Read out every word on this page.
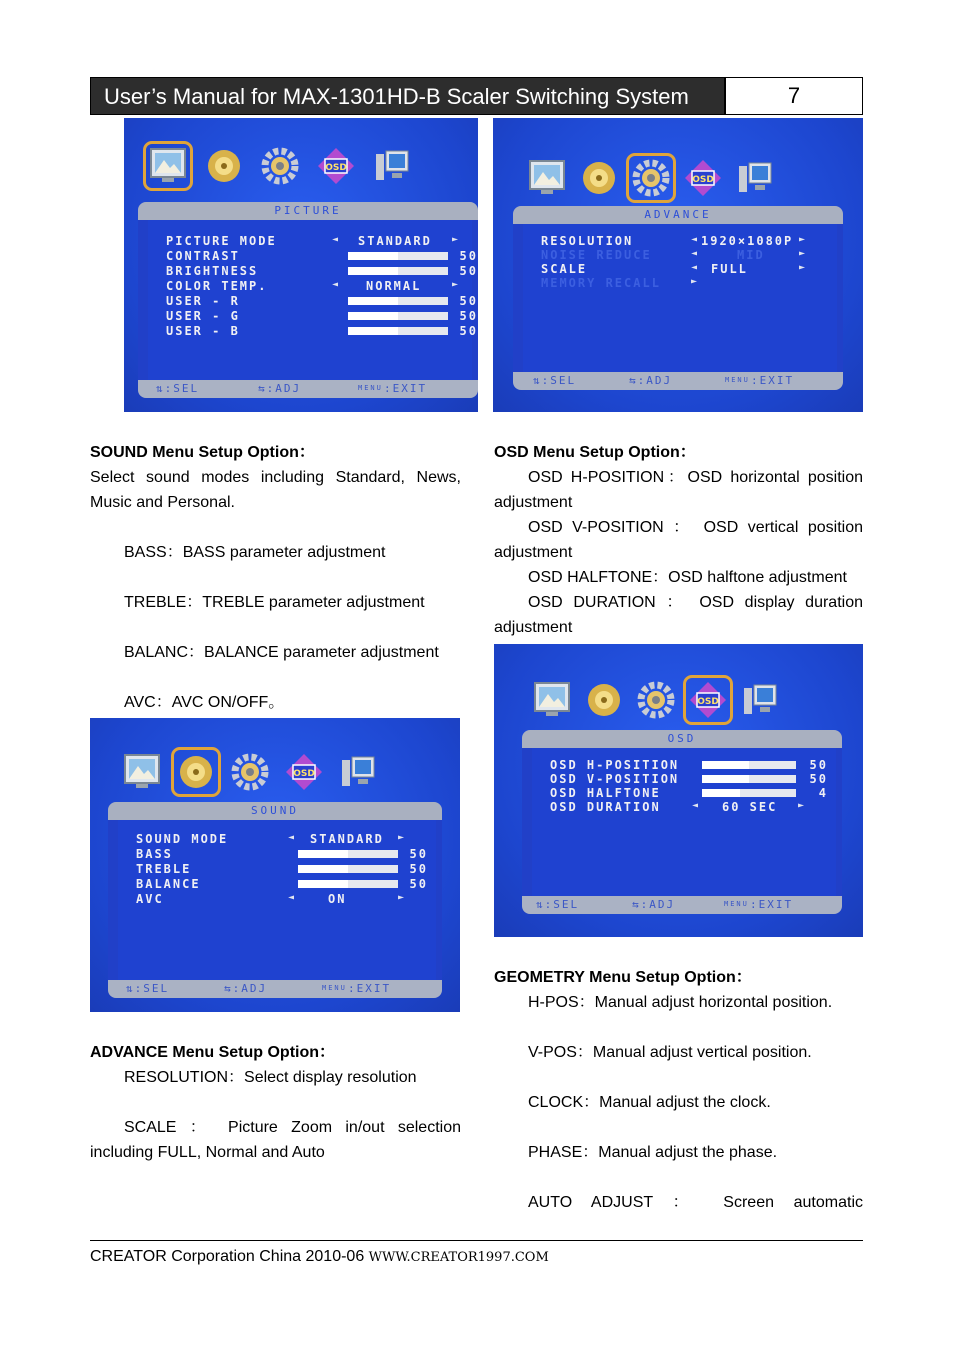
User’s Manual for MAX-1301HD-B Scaler Switching System	7
OSD
PICTURE
PICTURE MODE	◄ STANDARD ►
CONTRAST	50
BRIGHTNESS	50
COLOR TEMP.	◄ NORMAL	►
USER - R	50
USER - G	50
USER - B	50
⇅:SEL	⇆:ADJ	MENU :EXIT
OSD
ADVANCE
RESOLUTION	◄ 1920×1080P ►
NOISE REDUCE	◄	MID	►
SCALE	◄ FULL	►
MEMORY RECALL	►
⇅:SEL	⇆:ADJ	MENU :EXIT
SOUND Menu Setup Option：
Select sound modes including Standard, News, Music and Personal.
BASS：BASS parameter adjustment
TREBLE：TREBLE parameter adjustment
BALANC：BALANCE parameter adjustment
AVC：AVC ON/OFF。
OSD
SOUND
SOUND MODE	◄ STANDARD ►
BASS	50
TREBLE	50
BALANCE	50
AVC	◄	ON	►
⇅:SEL	⇆:ADJ	MENU :EXIT
ADVANCE Menu Setup Option：
RESOLUTION：Select display resolution
SCALE ： Picture Zoom in/out selection
including FULL, Normal and Auto
OSD Menu Setup Option：
OSD H-POSITION：OSD horizontal position
adjustment
OSD V-POSITION ： OSD vertical position
adjustment
OSD HALFTONE：OSD halftone adjustment
OSD DURATION ： OSD display duration
adjustment
OSD
OSD
OSD H-POSITION	50
OSD V-POSITION	50
OSD HALFTONE	4
OSD DURATION	◄ 60 SEC ►
⇅:SEL	⇆:ADJ	MENU :EXIT
GEOMETRY Menu Setup Option：
H-POS：Manual adjust horizontal position.
V-POS：Manual adjust vertical position.
CLOCK：Manual adjust the clock.
PHASE：Manual adjust the phase.
AUTO ADJUST ： Screen automatic
CREATOR Corporation China 2010-06 WWW.CREATOR1997.COM
